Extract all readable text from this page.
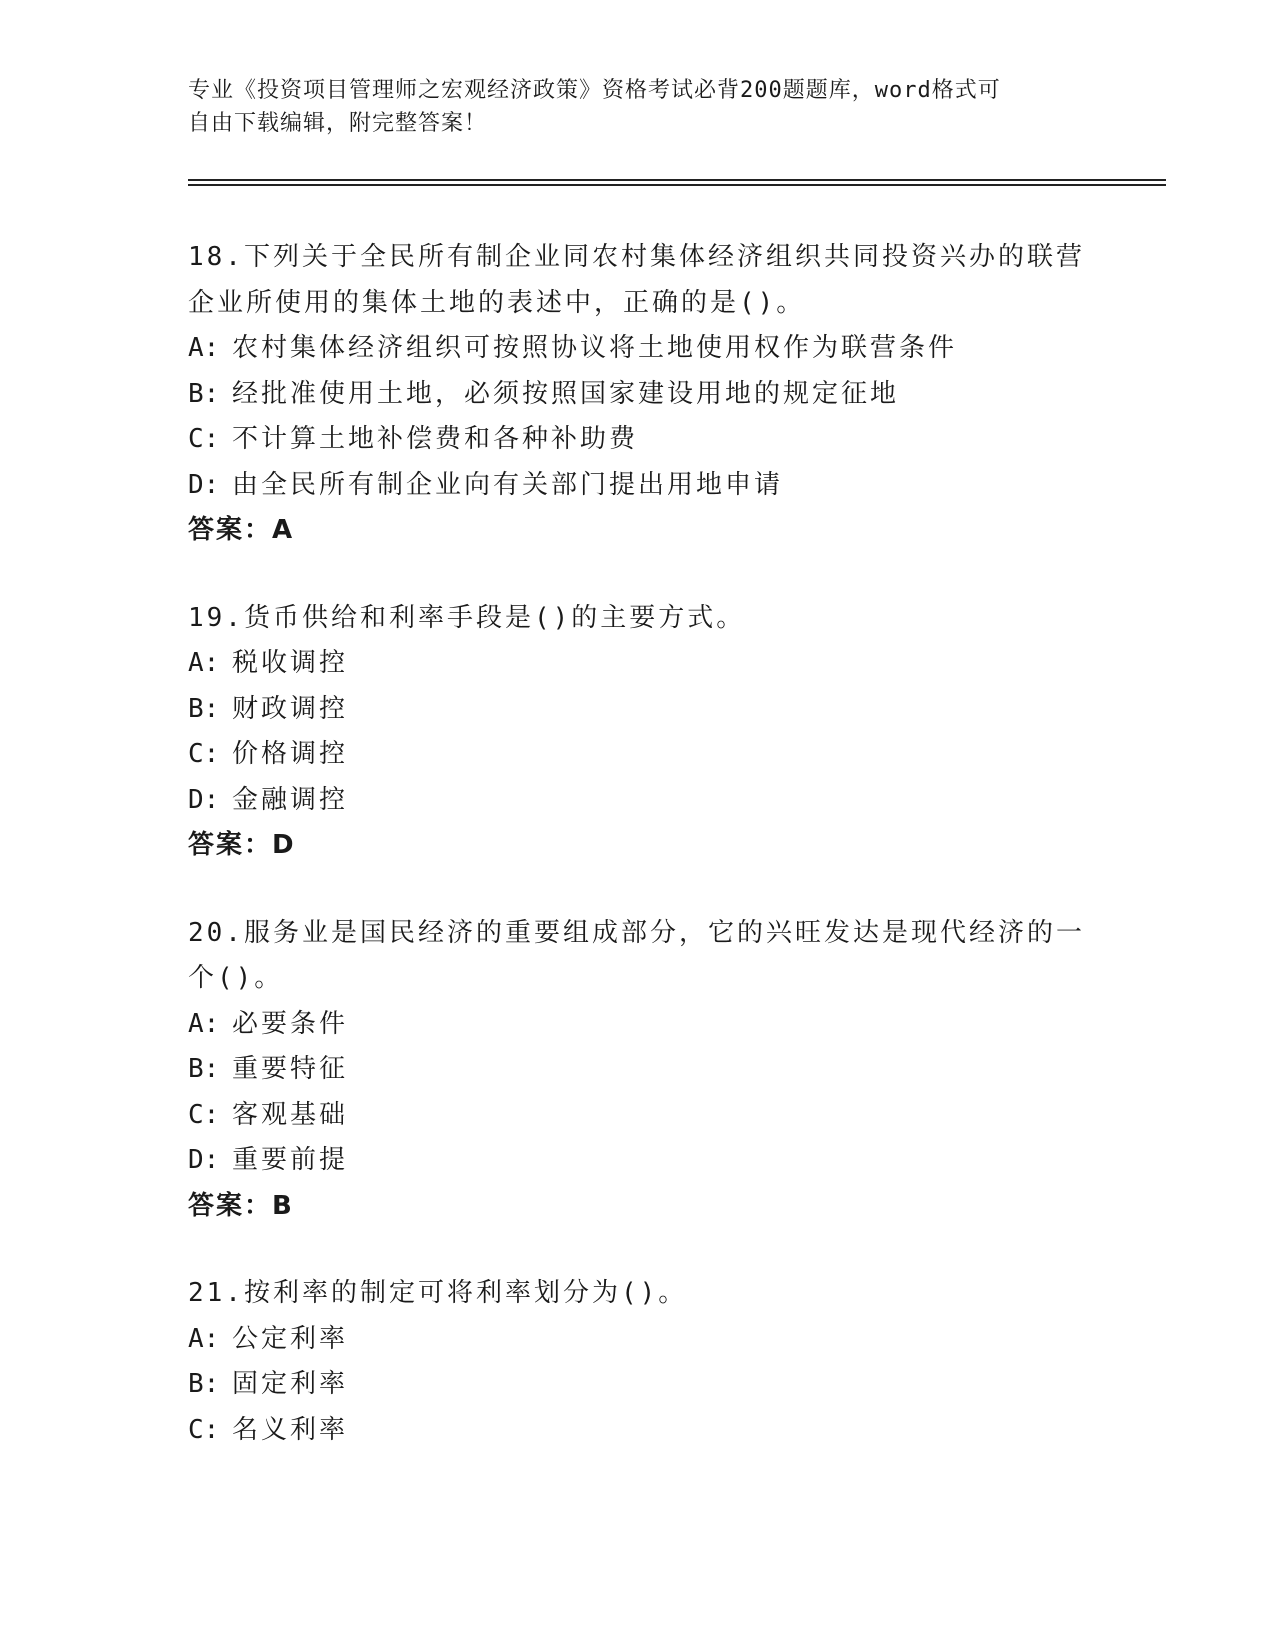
专业《投资项目管理师之宏观经济政策》资格考试必背200题题库，word格式可
自由下载编辑，附完整答案！
18.下列关于全民所有制企业同农村集体经济组织共同投资兴办的联营
企业所使用的集体土地的表述中，正确的是()。
A: 农村集体经济组织可按照协议将土地使用权作为联营条件
B: 经批准使用土地，必须按照国家建设用地的规定征地
C: 不计算土地补偿费和各种补助费
D: 由全民所有制企业向有关部门提出用地申请
答案：A
19.货币供给和利率手段是()的主要方式。
A: 税收调控
B: 财政调控
C: 价格调控
D: 金融调控
答案：D
20.服务业是国民经济的重要组成部分，它的兴旺发达是现代经济的一
个()。
A: 必要条件
B: 重要特征
C: 客观基础
D: 重要前提
答案：B
21.按利率的制定可将利率划分为()。
A: 公定利率
B: 固定利率
C: 名义利率
